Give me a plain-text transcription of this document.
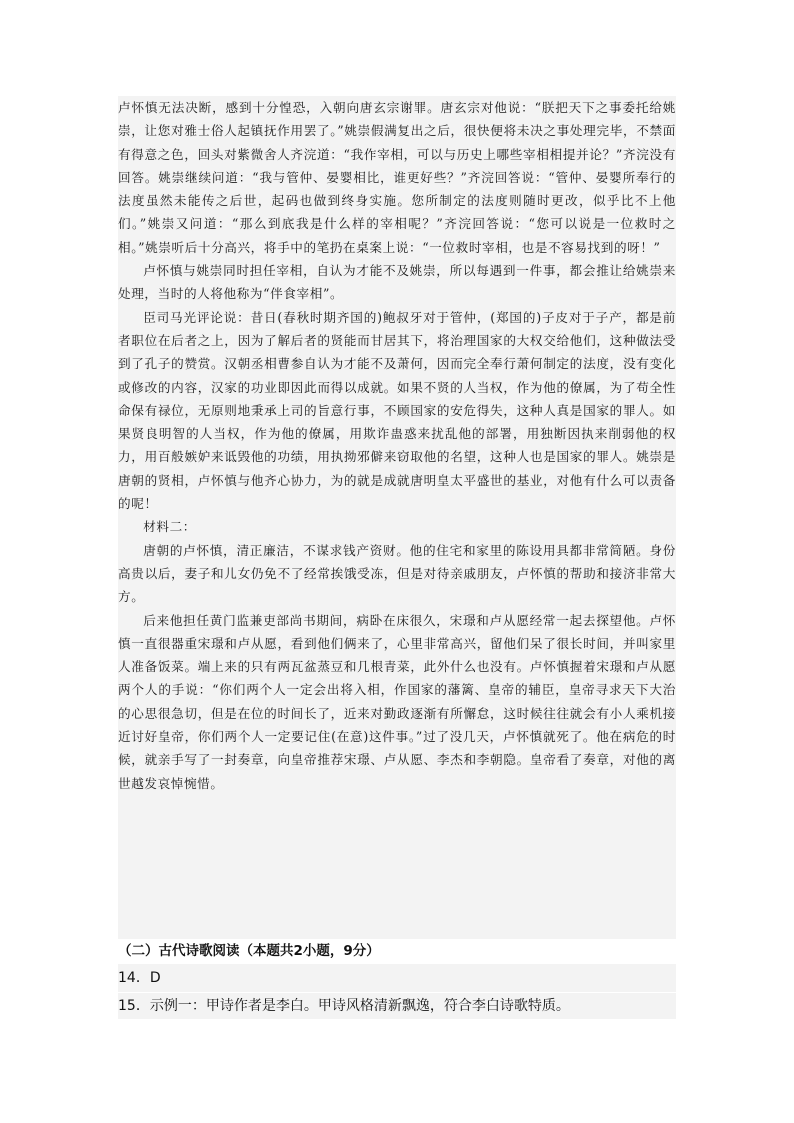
卢怀慎无法决断，感到十分惶恐，入朝向唐玄宗谢罪。唐玄宗对他说：“朕把天下之事委托给姚崇，让您对雅士俗人起镇抚作用罢了。”姚崇假满复出之后，很快便将未决之事处理完毕，不禁面有得意之色，回头对紫微舍人齐浣道：“我作宰相，可以与历史上哪些宰相相提并论？”齐浣没有回答。姚崇继续问道：“我与管仲、晏婴相比，谁更好些？”齐浣回答说：“管仲、晏婴所奉行的法度虽然未能传之后世，起码也做到终身实施。您所制定的法度则随时更改，似乎比不上他们。”姚崇又问道：“那么到底我是什么样的宰相呢？”齐浣回答说：“您可以说是一位救时之相。”姚崇听后十分高兴，将手中的笔扔在桌案上说：“一位救时宰相，也是不容易找到的呀！”

卢怀慎与姚崇同时担任宰相，自认为才能不及姚崇，所以每遇到一件事，都会推让给姚崇来处理，当时的人将他称为“伴食宰相”。

臣司马光评论说：昔日(春秋时期齐国的)鲍叔牙对于管仲，(郑国的)子皮对于子产，都是前者职位在后者之上，因为了解后者的贤能而甘居其下，将治理国家的大权交给他们，这种做法受到了孔子的赞赏。汉朝丞相曹参自认为才能不及萧何，因而完全奉行萧何制定的法度，没有变化或修改的内容，汉家的功业即因此而得以成就。如果不贤的人当权，作为他的僚属，为了苟全性命保有禄位，无原则地秉承上司的旨意行事，不顾国家的安危得失，这种人真是国家的罪人。如果贤良明智的人当权，作为他的僚属，用欺诈蛊惑来扰乱他的部署，用独断因执来削弱他的权力，用百般嫉妒来诋毁他的功绩，用执拗邪僻来窃取他的名望，这种人也是国家的罪人。姚崇是唐朝的贤相，卢怀慎与他齐心协力，为的就是成就唐明皇太平盛世的基业，对他有什么可以责备的呢！

材料二：

唐朝的卢怀慎，清正廉洁，不谋求钱产资财。他的住宅和家里的陈设用具都非常简陋。身份高贵以后，妻子和儿女仍免不了经常挨饿受冻，但是对待亲戚朋友，卢怀慎的帮助和接济非常大方。

后来他担任黄门监兼吏部尚书期间，病卧在床很久，宋璟和卢从愿经常一起去探望他。卢怀慎一直很器重宋璟和卢从愿，看到他们俩来了，心里非常高兴，留他们呆了很长时间，并叫家里人准备饭菜。端上来的只有两瓦盆蒸豆和几根青菜，此外什么也没有。卢怀慎握着宋璟和卢从愿两个人的手说：“你们两个人一定会出将入相，作国家的藩篱、皇帝的辅臣，皇帝寻求天下大治的心思很急切，但是在位的时间长了，近来对勤政逐渐有所懈怠，这时候往往就会有小人乘机接近讨好皇帝，你们两个人一定要记住(在意)这件事。”过了没几天，卢怀慎就死了。他在病危的时候，就亲手写了一封奏章，向皇帝推荐宋璟、卢从愿、李杰和李朝隐。皇帝看了奏章，对他的离世越发哀悼惋惜。

（二）古代诗歌阅读（本题共2小题，9分）
14．D
15．示例一：甲诗作者是李白。甲诗风格清新飘逸，符合李白诗歌特质。
